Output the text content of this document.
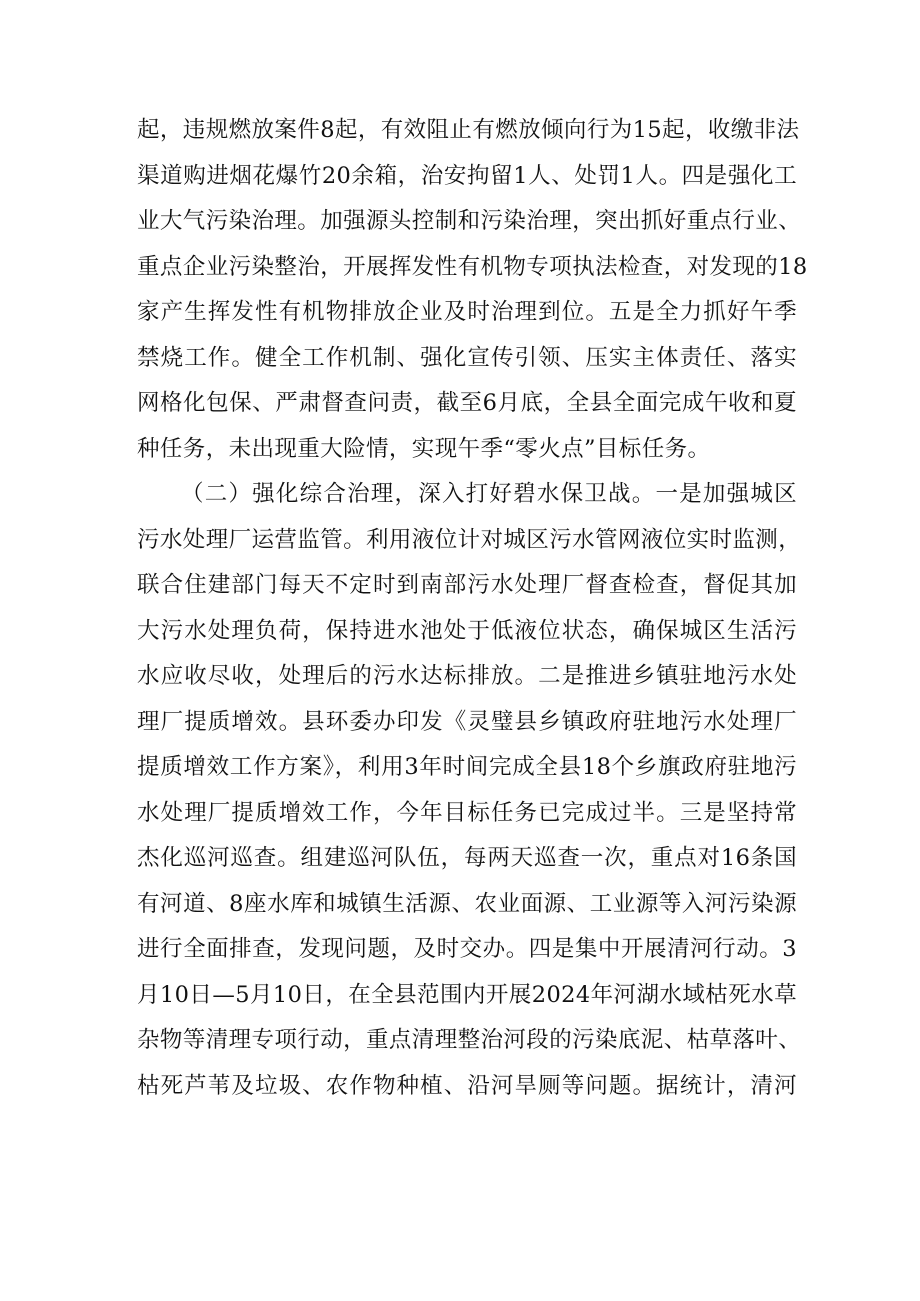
起，违规燃放案件8起，有效阻止有燃放倾向行为15起，收缴非法
渠道购进烟花爆竹20余箱，治安拘留1人、处罚1人。四是强化工
业大气污染治理。加强源头控制和污染治理，突出抓好重点行业、
重点企业污染整治，开展挥发性有机物专项执法检查，对发现的18
家产生挥发性有机物排放企业及时治理到位。五是全力抓好午季
禁烧工作。健全工作机制、强化宣传引领、压实主体责任、落实
网格化包保、严肃督查问责，截至6月底，全县全面完成午收和夏
种任务，未出现重大险情，实现午季“零火点”目标任务。
（二）强化综合治理，深入打好碧水保卫战。一是加强城区
污水处理厂运营监管。利用液位计对城区污水管网液位实时监测，
联合住建部门每天不定时到南部污水处理厂督查检查，督促其加
大污水处理负荷，保持进水池处于低液位状态，确保城区生活污
水应收尽收，处理后的污水达标排放。二是推进乡镇驻地污水处
理厂提质增效。县环委办印发《灵璧县乡镇政府驻地污水处理厂
提质增效工作方案》，利用3年时间完成全县18个乡旗政府驻地污
水处理厂提质增效工作，今年目标任务已完成过半。三是坚持常
杰化巡河巡查。组建巡河队伍，每两天巡查一次，重点对16条国
有河道、8座水库和城镇生活源、农业面源、工业源等入河污染源
进行全面排查，发现问题，及时交办。四是集中开展清河行动。3
月10日—5月10日，在全县范围内开展2024年河湖水域枯死水草
杂物等清理专项行动，重点清理整治河段的污染底泥、枯草落叶、
枯死芦苇及垃圾、农作物种植、沿河旱厕等问题。据统计，清河
